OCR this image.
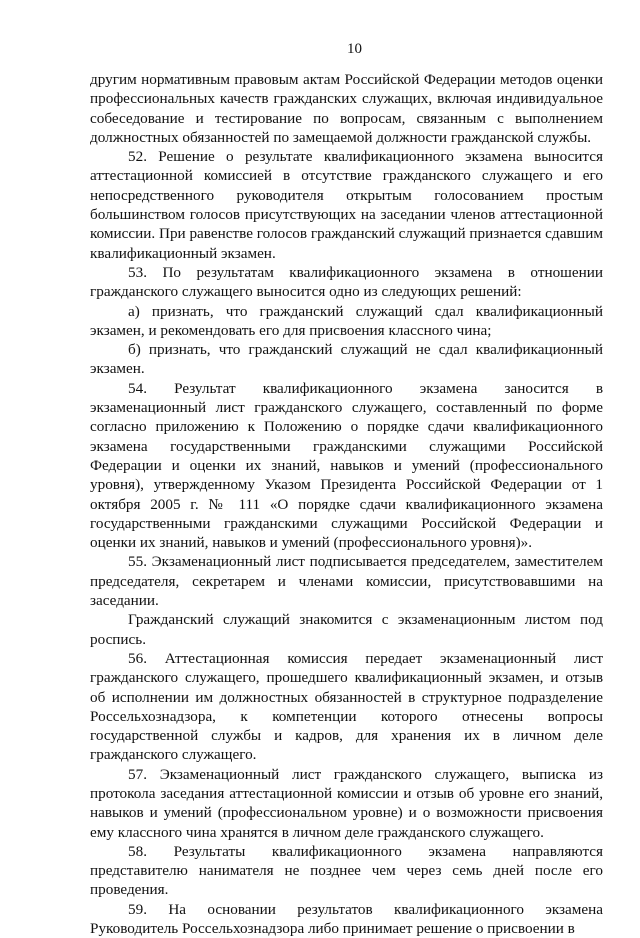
10

другим нормативным правовым актам Российской Федерации методов оценки профессиональных качеств гражданских служащих, включая индивидуальное собеседование и тестирование по вопросам, связанным с выполнением должностных обязанностей по замещаемой должности гражданской службы.

52. Решение о результате квалификационного экзамена выносится аттестационной комиссией в отсутствие гражданского служащего и его непосредственного руководителя открытым голосованием простым большинством голосов присутствующих на заседании членов аттестационной комиссии. При равенстве голосов гражданский служащий признается сдавшим квалификационный экзамен.

53. По результатам квалификационного экзамена в отношении гражданского служащего выносится одно из следующих решений:

а) признать, что гражданский служащий сдал квалификационный экзамен, и рекомендовать его для присвоения классного чина;

б) признать, что гражданский служащий не сдал квалификационный экзамен.

54. Результат квалификационного экзамена заносится в экзаменационный лист гражданского служащего, составленный по форме согласно приложению к Положению о порядке сдачи квалификационного экзамена государственными гражданскими служащими Российской Федерации и оценки их знаний, навыков и умений (профессионального уровня), утвержденному Указом Президента Российской Федерации от 1 октября 2005 г. № 111 «О порядке сдачи квалификационного экзамена государственными гражданскими служащими Российской Федерации и оценки их знаний, навыков и умений (профессионального уровня)».

55. Экзаменационный лист подписывается председателем, заместителем председателя, секретарем и членами комиссии, присутствовавшими на заседании.

Гражданский служащий знакомится с экзаменационным листом под роспись.

56. Аттестационная комиссия передает экзаменационный лист гражданского служащего, прошедшего квалификационный экзамен, и отзыв об исполнении им должностных обязанностей в структурное подразделение Россельхознадзора, к компетенции которого отнесены вопросы государственной службы и кадров, для хранения их в личном деле гражданского служащего.

57. Экзаменационный лист гражданского служащего, выписка из протокола заседания аттестационной комиссии и отзыв об уровне его знаний, навыков и умений (профессиональном уровне) и о возможности присвоения ему классного чина хранятся в личном деле гражданского служащего.

58. Результаты квалификационного экзамена направляются представителю нанимателя не позднее чем через семь дней после его проведения.

59. На основании результатов квалификационного экзамена Руководитель Россельхознадзора либо принимает решение о присвоении в
